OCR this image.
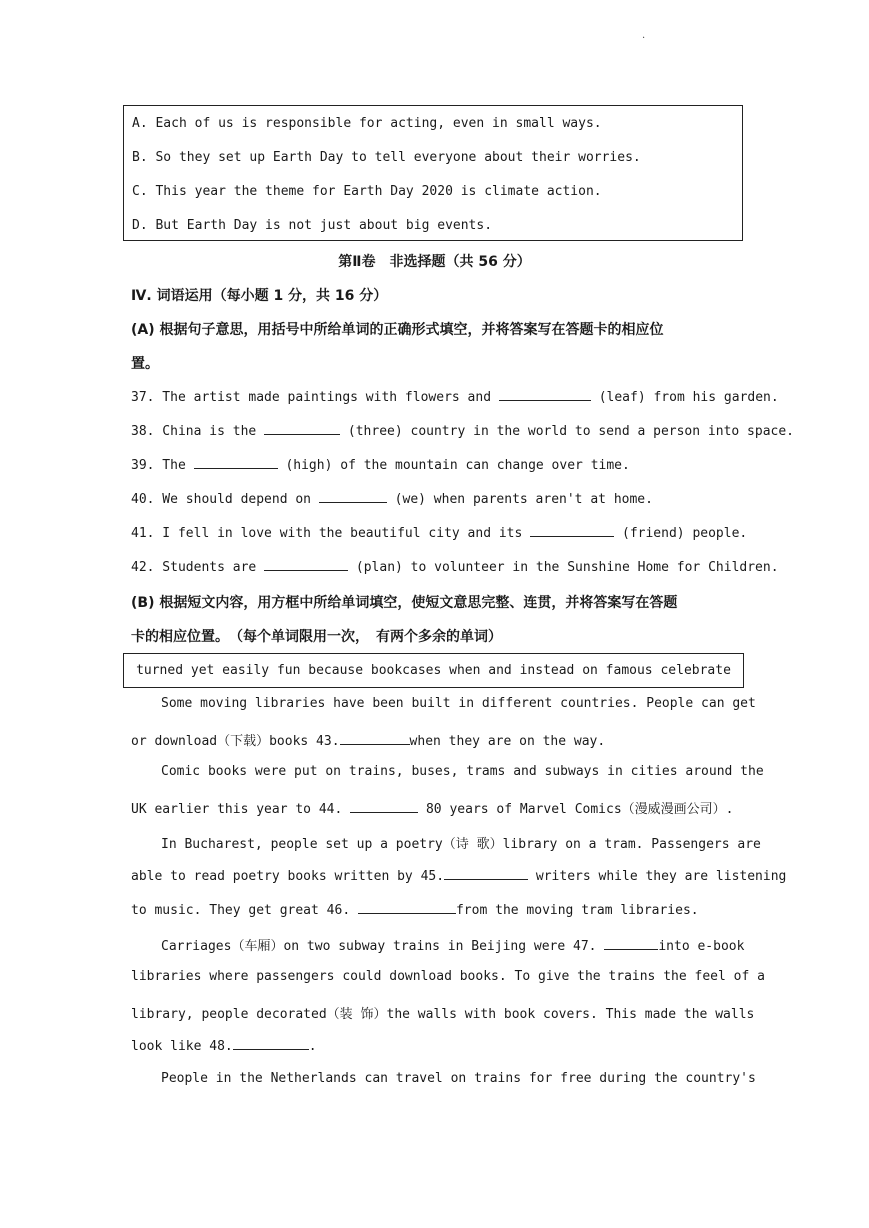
.
A. Each of us is responsible for acting, even in small ways.
B. So they set up Earth Day to tell everyone about their worries.
C. This year the theme for Earth Day 2020 is climate action.
D. But Earth Day is not just about big events.
第Ⅱ卷　非选择题（共 56 分）
Ⅳ. 词语运用（每小题 1 分，共 16 分）
(A) 根据句子意思，用括号中所给单词的正确形式填空，并将答案写在答题卡的相应位
置。
37. The artist made paintings with flowers and	(leaf) from his garden.
38. China is the	(three) country in the world to send a person into space.
39. The	(high) of the mountain can change over time.
40. We should depend on	(we) when parents aren't at home.
41. I fell in love with the beautiful city and its	(friend) people.
42. Students are	(plan) to volunteer in the Sunshine Home for Children.
(B) 根据短文内容，用方框中所给单词填空，使短文意思完整、连贯，并将答案写在答题
卡的相应位置。　（每个单词限用一次，　有两个多余的单词）
turned yet easily fun because bookcases when and instead on famous celebrate
Some moving libraries have been built in different countries. People can get
or download（下载）books 43.	when they are on the way.
Comic books were put on trains, buses, trams and subways in cities around the
UK earlier this year to 44.	80 years of Marvel Comics（漫威漫画公司）.
In Bucharest, people set up a poetry（诗 歌）library on a tram. Passengers are
able to read poetry books written by 45.	writers while they are listening
to music. They get great 46.	from the moving tram libraries.
Carriages（车厢）on two subway trains in Beijing were 47.	into e-book
libraries where passengers could download books. To give the trains the feel of a
library, people decorated（装 饰）the walls with book covers. This made the walls
look like 48.	.
People in the Netherlands can travel on trains for free during the country's
